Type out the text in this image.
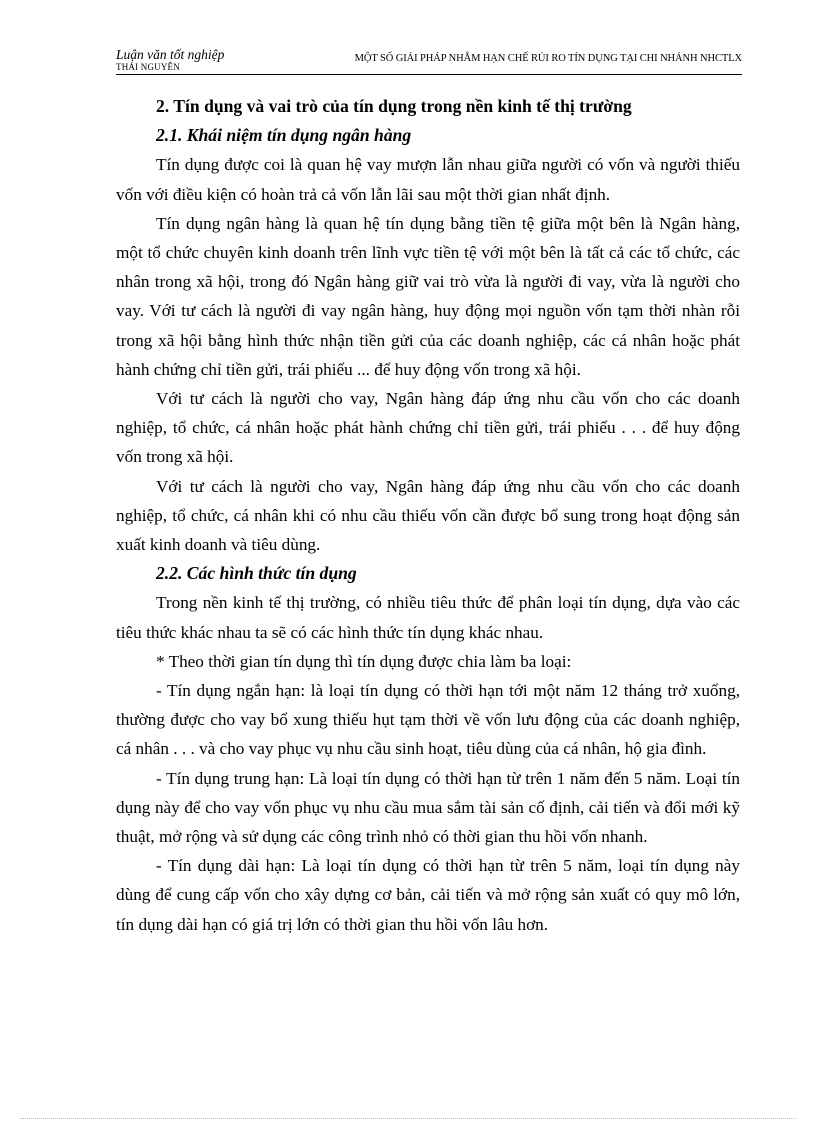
Luận văn tốt nghiệp
THÁI NGUYÊN
MỘT SỐ GIẢI PHÁP NHẰM HẠN CHẾ RỦI RO TÍN DỤNG TẠI CHI NHÁNH NHCTLX
2. Tín dụng và vai trò của tín dụng trong nền kinh tế thị trường
2.1. Khái niệm tín dụng ngân hàng

Tín dụng được coi là quan hệ vay mượn lẫn nhau giữa người có vốn và người thiếu vốn với điều kiện có hoàn trả cả vốn lẫn lãi sau một thời gian nhất định.

Tín dụng ngân hàng là quan hệ tín dụng bằng tiền tệ giữa một bên là Ngân hàng, một tổ chức chuyên kinh doanh trên lĩnh vực tiền tệ với một bên là tất cả các tổ chức, các nhân trong xã hội, trong đó Ngân hàng giữ vai trò vừa là người đi vay, vừa là người cho vay. Với tư cách là người đi vay ngân hàng, huy động mọi nguồn vốn tạm thời nhàn rỗi trong xã hội bằng hình thức nhận tiền gửi của các doanh nghiệp, các cá nhân hoặc phát hành chứng chỉ tiền gửi, trái phiếu ... để huy động vốn trong xã hội.

Với tư cách là người cho vay, Ngân hàng đáp ứng nhu cầu vốn cho các doanh nghiệp, tổ chức, cá nhân hoặc phát hành chứng chỉ tiền gửi, trái phiếu . . . để huy động vốn trong xã hội.

Với tư cách là người cho vay, Ngân hàng đáp ứng nhu cầu vốn cho các doanh nghiệp, tổ chức, cá nhân khi có nhu cầu thiếu vốn cần được bổ sung trong hoạt động sản xuất kinh doanh và tiêu dùng.

2.2. Các hình thức tín dụng

Trong nền kinh tế thị trường, có nhiều tiêu thức để phân loại tín dụng, dựa vào các tiêu thức khác nhau ta sẽ có các hình thức tín dụng khác nhau.

* Theo thời gian tín dụng thì tín dụng được chia làm ba loại:

- Tín dụng ngắn hạn: là loại tín dụng có thời hạn tới một năm 12 tháng trở xuống, thường được cho vay bổ xung thiếu hụt tạm thời về vốn lưu động của các doanh nghiệp, cá nhân . . . và cho vay phục vụ nhu cầu sinh hoạt, tiêu dùng của cá nhân, hộ gia đình.

- Tín dụng trung hạn: Là loại tín dụng có thời hạn từ trên 1 năm đến 5 năm. Loại tín dụng này để cho vay vốn phục vụ nhu cầu mua sắm tài sản cố định, cải tiến và đổi mới kỹ thuật, mở rộng và sử dụng các công trình nhỏ có thời gian thu hồi vốn nhanh.

- Tín dụng dài hạn: Là loại tín dụng có thời hạn từ trên 5 năm, loại tín dụng này dùng để cung cấp vốn cho xây dựng cơ bản, cải tiến và mở rộng sản xuất có quy mô lớn, tín dụng dài hạn có giá trị lớn có thời gian thu hồi vốn lâu hơn.
